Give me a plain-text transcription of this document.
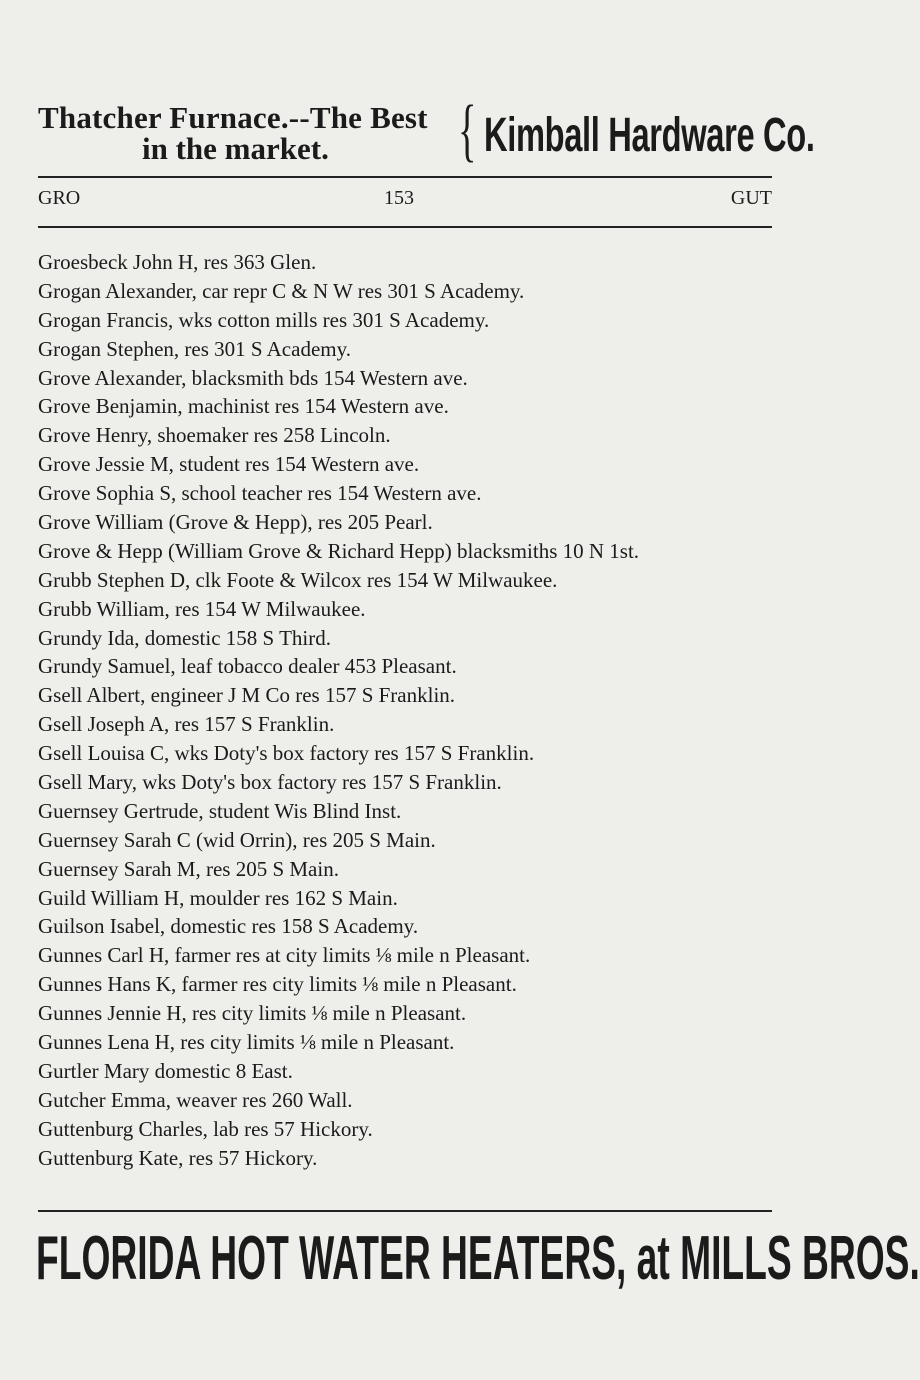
Thatcher Furnace.--The Best
in the market. { Kimball Hardware Co.
GRO	153	GUT
Groesbeck John H, res 363 Glen.
Grogan Alexander, car repr C & N W res 301 S Academy.
Grogan Francis, wks cotton mills res 301 S Academy.
Grogan Stephen, res 301 S Academy.
Grove Alexander, blacksmith bds 154 Western ave.
Grove Benjamin, machinist res 154 Western ave.
Grove Henry, shoemaker res 258 Lincoln.
Grove Jessie M, student res 154 Western ave.
Grove Sophia S, school teacher res 154 Western ave.
Grove William (Grove & Hepp), res 205 Pearl.
Grove & Hepp (William Grove & Richard Hepp) blacksmiths 10 N 1st.
Grubb Stephen D, clk Foote & Wilcox res 154 W Milwaukee.
Grubb William, res 154 W Milwaukee.
Grundy Ida, domestic 158 S Third.
Grundy Samuel, leaf tobacco dealer 453 Pleasant.
Gsell Albert, engineer J M Co res 157 S Franklin.
Gsell Joseph A, res 157 S Franklin.
Gsell Louisa C, wks Doty's box factory res 157 S Franklin.
Gsell Mary, wks Doty's box factory res 157 S Franklin.
Guernsey Gertrude, student Wis Blind Inst.
Guernsey Sarah C (wid Orrin), res 205 S Main.
Guernsey Sarah M, res 205 S Main.
Guild William H, moulder res 162 S Main.
Guilson Isabel, domestic res 158 S Academy.
Gunnes Carl H, farmer res at city limits ⅛ mile n Pleasant.
Gunnes Hans K, farmer res city limits ⅛ mile n Pleasant.
Gunnes Jennie H, res city limits ⅛ mile n Pleasant.
Gunnes Lena H, res city limits ⅛ mile n Pleasant.
Gurtler Mary domestic 8 East.
Gutcher Emma, weaver res 260 Wall.
Guttenburg Charles, lab res 57 Hickory.
Guttenburg Kate, res 57 Hickory.
FLORIDA HOT WATER HEATERS, at MILLS BROS.
